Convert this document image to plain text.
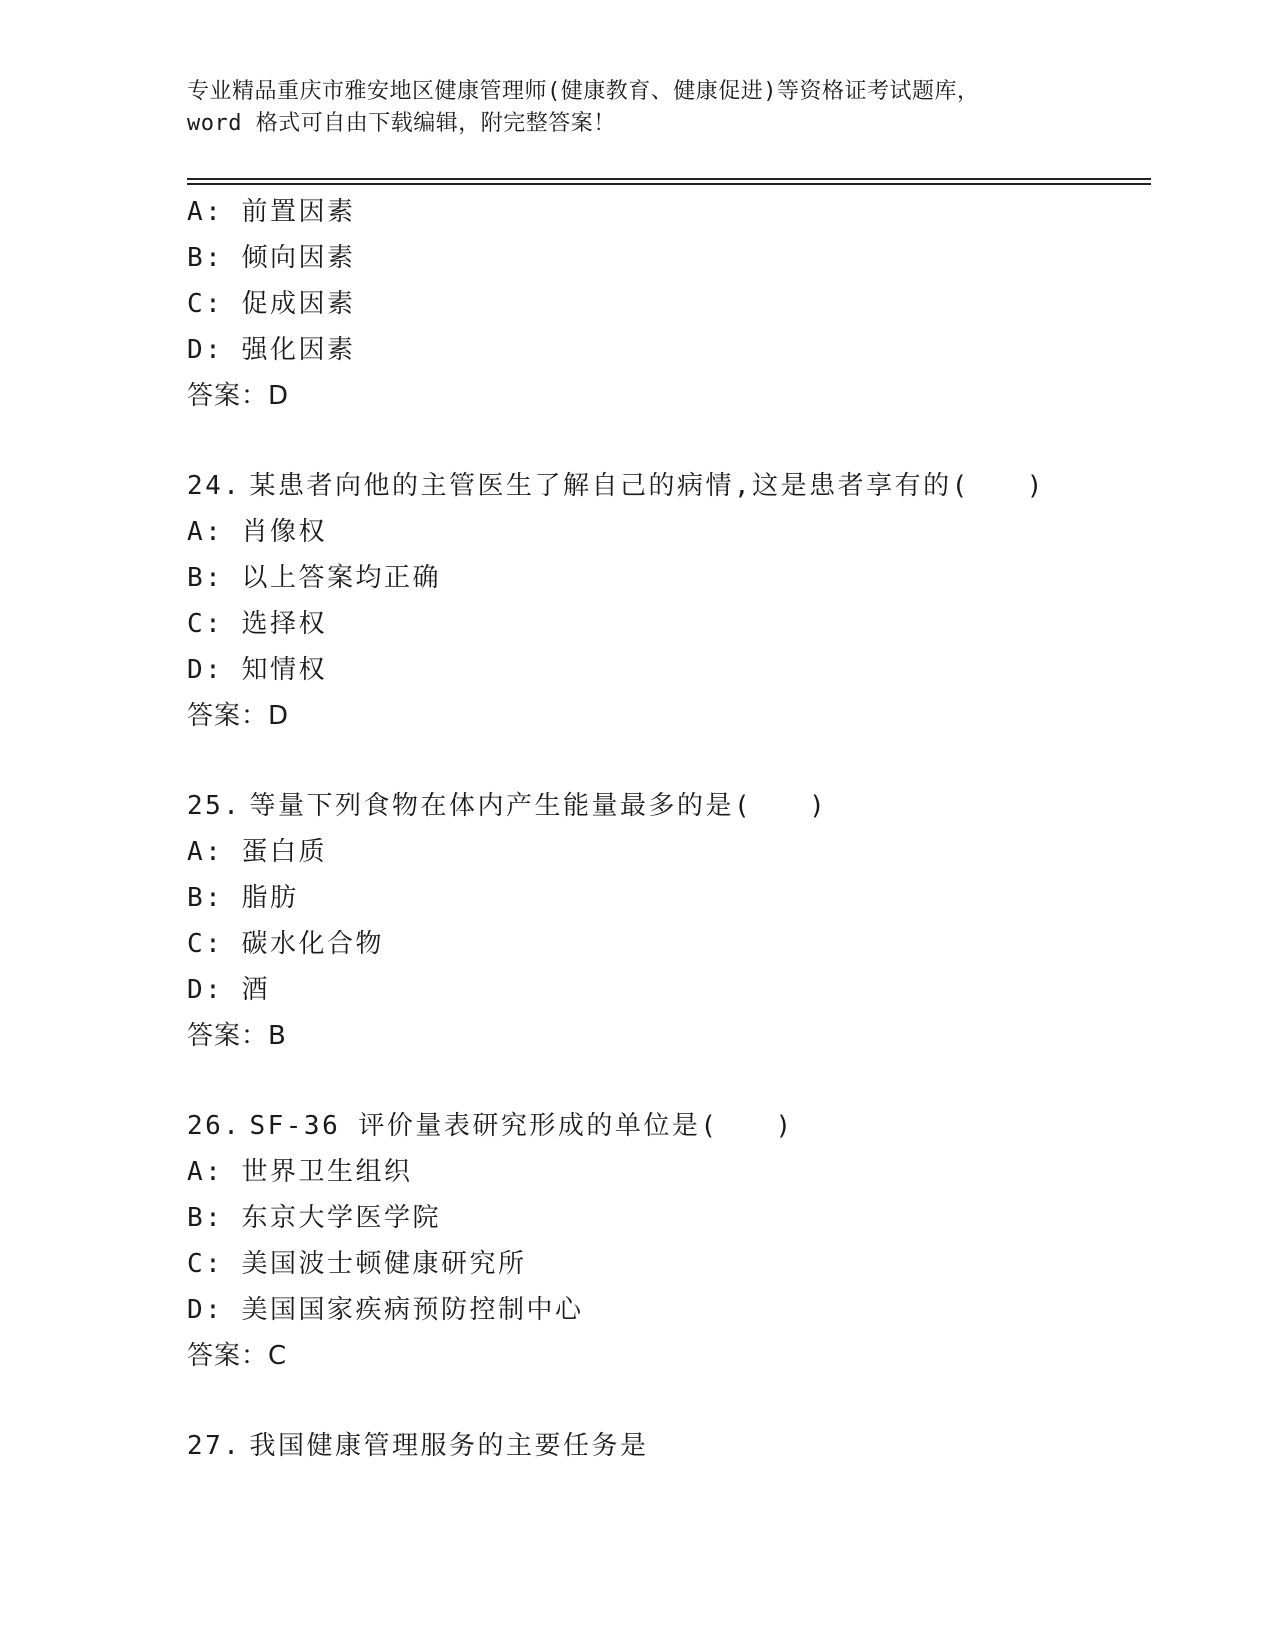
专业精品重庆市雅安地区健康管理师(健康教育、健康促进)等资格证考试题库，
word 格式可自由下载编辑，附完整答案！
A: 前置因素
B: 倾向因素
C: 促成因素
D: 强化因素
答案：D
24. 某患者向他的主管医生了解自己的病情,这是患者享有的(　　)
A: 肖像权
B: 以上答案均正确
C: 选择权
D: 知情权
答案：D
25. 等量下列食物在体内产生能量最多的是(　　)
A: 蛋白质
B: 脂肪
C: 碳水化合物
D: 酒
答案：B
26. SF-36 评价量表研究形成的单位是(　　)
A: 世界卫生组织
B: 东京大学医学院
C: 美国波士顿健康研究所
D: 美国国家疾病预防控制中心
答案：C
27. 我国健康管理服务的主要任务是
